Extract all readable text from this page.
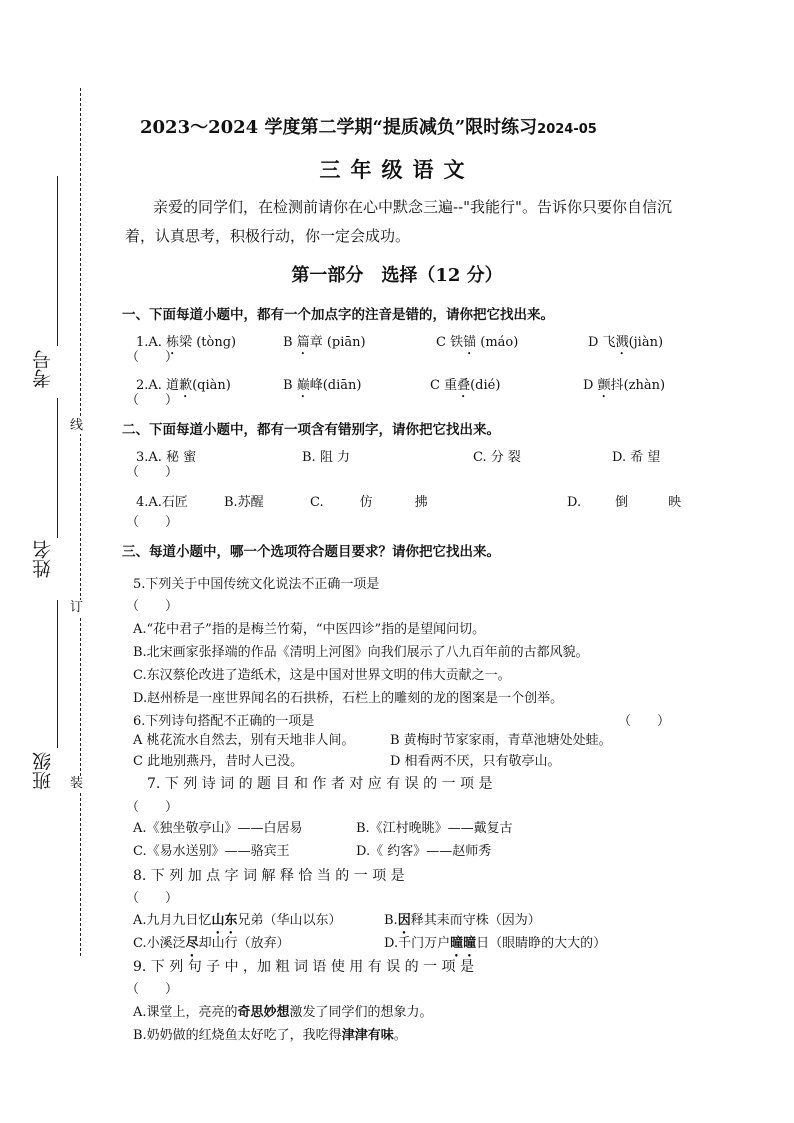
线
订
装
考号
姓名
班级
2023～2024 学度第二学期“提质减负”限时练习2024-05
三年级语文
亲爱的同学们，在检测前请你在心中默念三遍--"我能行"。告诉你只要你自信沉着，认真思考，积极行动，你一定会成功。
第一部分　选择（12 分）
一、下面每道小题中，都有一个加点字的注音是错的，请你把它找出来。
1.A. 栋梁 (tòng)	B 篇章 (piān)	C 铁锚 (máo)	D 飞溅(jiàn)
（　　）
2.A. 道歉(qiàn)	B 巅峰(diān)	C 重叠(dié)	D 颤抖(zhàn)
（　　）
二、下面每道小题中，都有一项含有错别字，请你把它找出来。
3.A. 秘 蜜	B. 阻 力	C. 分 裂	D. 希 望
（　　）
4.A.石匠	B.苏醒	C.	仿	拂	D.	倒	映
（　　）
三、每道小题中，哪一个选项符合题目要求？请你把它找出来。
5.下列关于中国传统文化说法不正确一项是
（　　）
A.“花中君子”指的是梅兰竹菊，“中医四诊”指的是望闻问切。
B.北宋画家张择端的作品《清明上河图》向我们展示了八九百年前的古都风貌。
C.东汉蔡伦改进了造纸术，这是中国对世界文明的伟大贡献之一。
D.赵州桥是一座世界闻名的石拱桥，石栏上的雕刻的龙的图案是一个创举。
6.下列诗句搭配不正确的一项是	（　　）
A 桃花流水自然去，别有天地非人间。	B 黄梅时节家家雨，青草池塘处处蛙。
C 此地别燕丹，昔时人已没。	D 相看两不厌，只有敬亭山。
7. 下 列 诗 词 的 题 目 和 作 者 对 应 有 误 的 一 项 是
（　　）
A.《独坐敬亭山》——白居易	B.《江村晚眺》——戴复古
C.《易水送别》——骆宾王	D.《 约客》——赵师秀
8. 下 列 加 点 字 词 解 释 恰 当 的 一 项 是
（　　）
A.九月九日忆山东兄弟（华山以东）	B.因释其耒而守株（因为）
C.小溪泛尽却山行（放弃）	D.千门万户曈曈日（眼睛睁的大大的）
9. 下 列 句 子 中 ，加 粗 词 语 使 用 有 误 的 一 项 是
（　　）
A.课堂上，亮亮的奇思妙想激发了同学们的想象力。
B.奶奶做的红烧鱼太好吃了，我吃得津津有味。
